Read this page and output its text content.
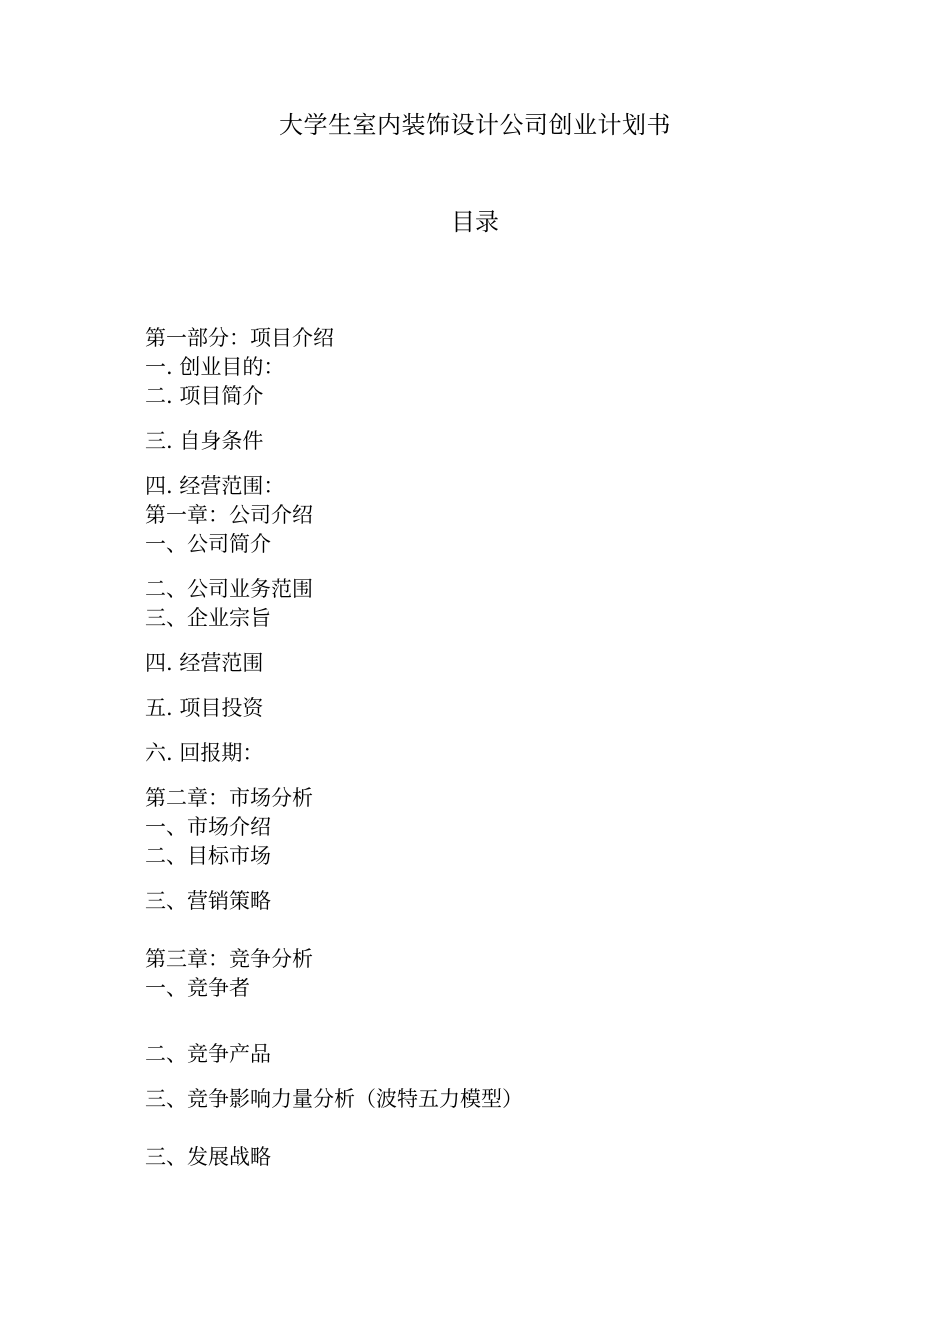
大学生室内装饰设计公司创业计划书
目录
第一部分：项目介绍
一. 创业目的：
二. 项目简介
三. 自身条件
四. 经营范围：
第一章：公司介绍
一、公司简介
二、公司业务范围
三、企业宗旨
四. 经营范围
五. 项目投资
六. 回报期：
第二章：市场分析
一、市场介绍
二、目标市场
三、营销策略
第三章：竞争分析
一、竞争者
二、竞争产品
三、竞争影响力量分析（波特五力模型）
三、发展战略
